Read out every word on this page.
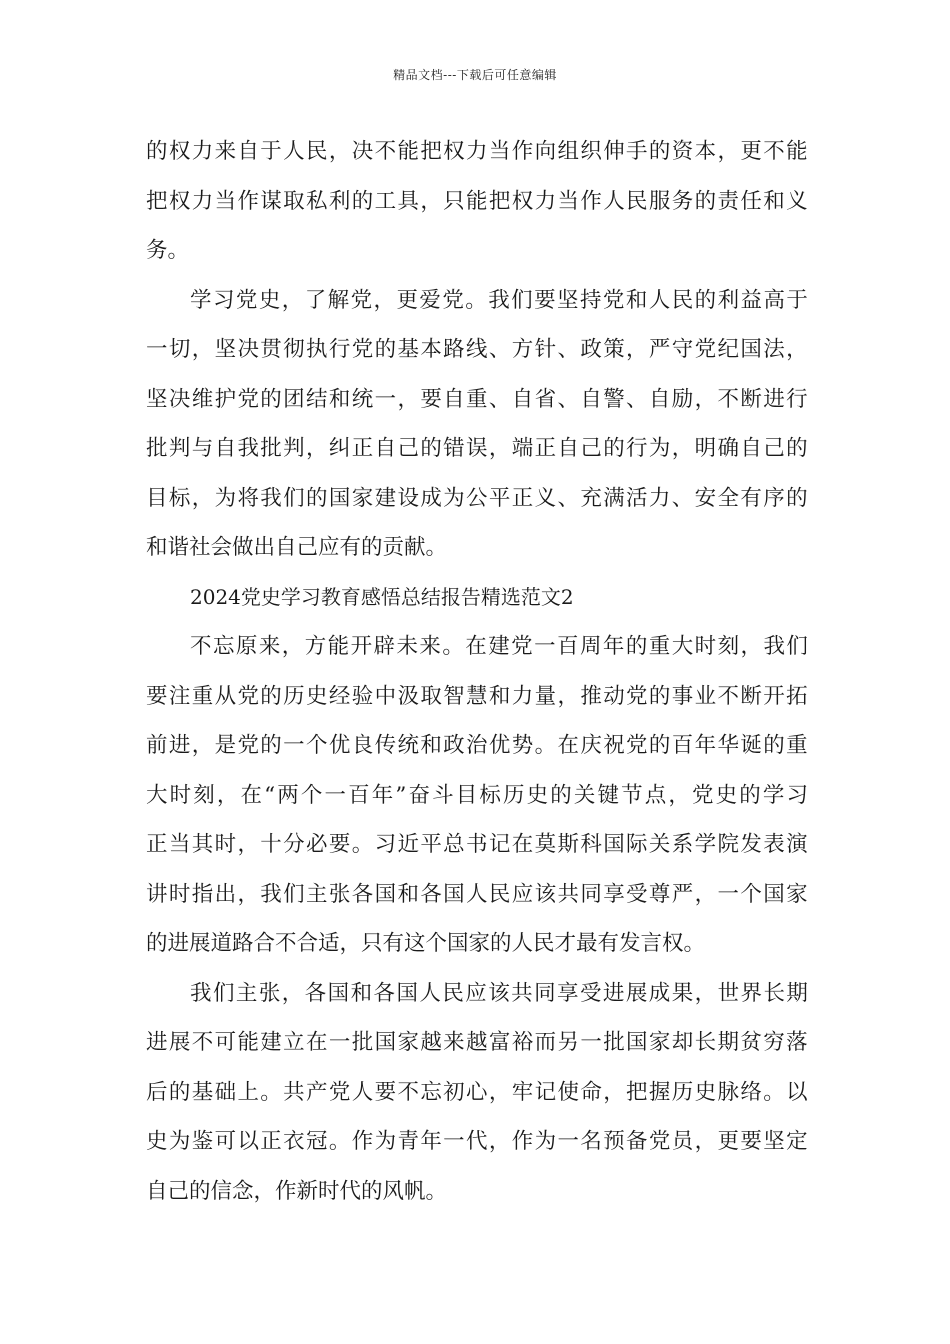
精品文档---下载后可任意编辑
的 权 力 来 自 于 人 民 ， 决 不 能 把 权 力 当 作 向 组 织 伸 手 的 资 本 ， 更 不 能
把 权 力 当 作 谋 取 私 利 的 工 具 ， 只 能 把 权 力 当 作 人 民 服 务 的 责 任 和 义
务。
学 习 党 史 ， 了 解 党 ， 更 爱 党 。 我 们 要 坚 持 党 和 人 民 的 利 益 高 于
一 切 ， 坚 决 贯 彻 执 行 党 的 基 本 路 线 、 方 针 、 政 策 ， 严 守 党 纪 国 法 ，
坚 决 维 护 党 的 团 结 和 统 一 ， 要 自 重 、 自 省 、 自 警 、 自 励 ， 不 断 进 行
批 判 与 自 我 批 判 ， 纠 正 自 己 的 错 误 ， 端 正 自 己 的 行 为 ， 明 确 自 己 的
目 标 ， 为 将 我 们 的 国 家 建 设 成 为 公 平 正 义 、 充 满 活 力 、 安 全 有 序 的
和谐社会做出自己应有的贡献。
2024党史学习教育感悟总结报告精选范文2
不 忘 原 来 ， 方 能 开 辟 未 来 。 在 建 党 一 百 周 年 的 重 大 时 刻 ， 我 们
要 注 重 从 党 的 历 史 经 验 中 汲 取 智 慧 和 力 量 ， 推 动 党 的 事 业 不 断 开 拓
前 进 ， 是 党 的 一 个 优 良 传 统 和 政 治 优 势 。 在 庆 祝 党 的 百 年 华 诞 的 重
大 时 刻 ， 在 “ 两 个 一 百 年 ” 奋 斗 目 标 历 史 的 关 键 节 点 ， 党 史 的 学 习
正 当 其 时 ， 十 分 必 要 。 习 近 平 总 书 记 在 莫 斯 科 国 际 关 系 学 院 发 表 演
讲 时 指 出 ， 我 们 主 张 各 国 和 各 国 人 民 应 该 共 同 享 受 尊 严 ， 一 个 国 家
的进展道路合不合适，只有这个国家的人民才最有发言权。
我 们 主 张 ， 各 国 和 各 国 人 民 应 该 共 同 享 受 进 展 成 果 ， 世 界 长 期
进 展 不 可 能 建 立 在 一 批 国 家 越 来 越 富 裕 而 另 一 批 国 家 却 长 期 贫 穷 落
后 的 基 础 上 。 共 产 党 人 要 不 忘 初 心 ， 牢 记 使 命 ， 把 握 历 史 脉 络 。 以
史 为 鉴 可 以 正 衣 冠 。 作 为 青 年 一 代 ， 作 为 一 名 预 备 党 员 ， 更 要 坚 定
自己的信念，作新时代的风帆。
